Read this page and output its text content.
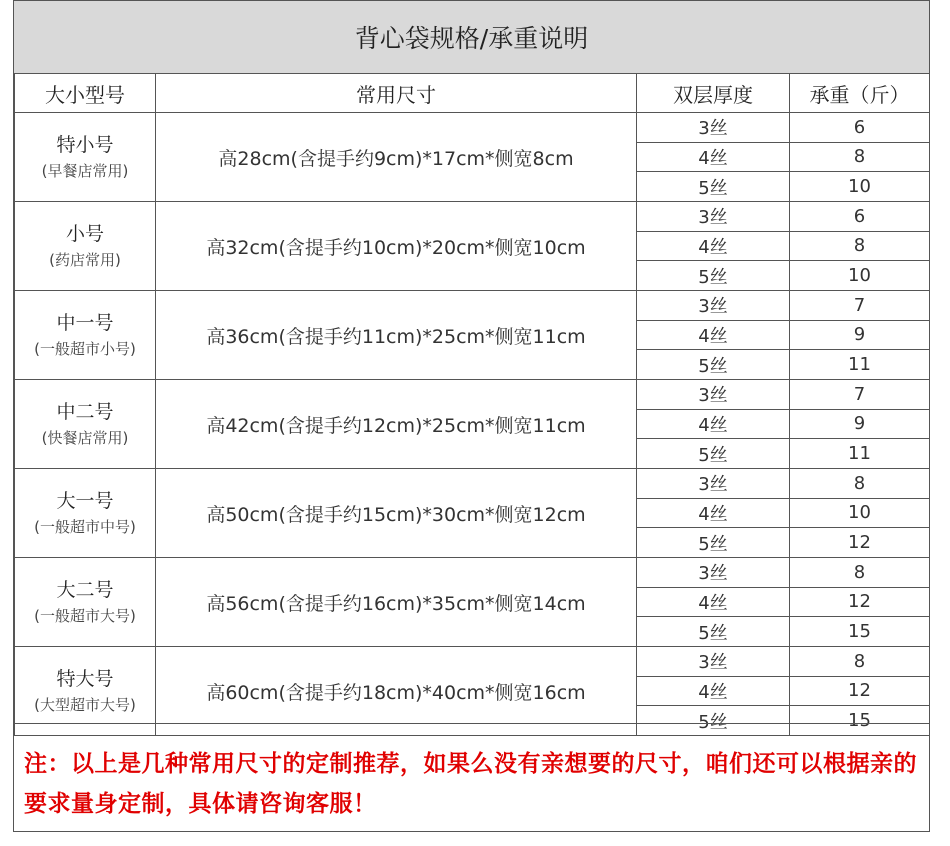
背心袋规格/承重说明
大小型号	常用尺寸	双层厚度	承重（斤）

特小号
(早餐店常用)	高28cm(含提手约9cm)*17cm*侧宽8cm	3丝	6
		4丝	8
		5丝	10

小号
(药店常用)	高32cm(含提手约10cm)*20cm*侧宽10cm	3丝	6
		4丝	8
		5丝	10

中一号
(一般超市小号)	高36cm(含提手约11cm)*25cm*侧宽11cm	3丝	7
		4丝	9
		5丝	11

中二号
(快餐店常用)	高42cm(含提手约12cm)*25cm*侧宽11cm	3丝	7
		4丝	9
		5丝	11

大一号
(一般超市中号)	高50cm(含提手约15cm)*30cm*侧宽12cm	3丝	8
		4丝	10
		5丝	12

大二号
(一般超市大号)	高56cm(含提手约16cm)*35cm*侧宽14cm	3丝	8
		4丝	12
		5丝	15

特大号
(大型超市大号)	高60cm(含提手约18cm)*40cm*侧宽16cm	3丝	8
		4丝	12
		5丝	15
注：以上是几种常用尺寸的定制推荐，如果么没有亲想要的尺寸，咱们还可以根据亲的要求量身定制，具体请咨询客服！
